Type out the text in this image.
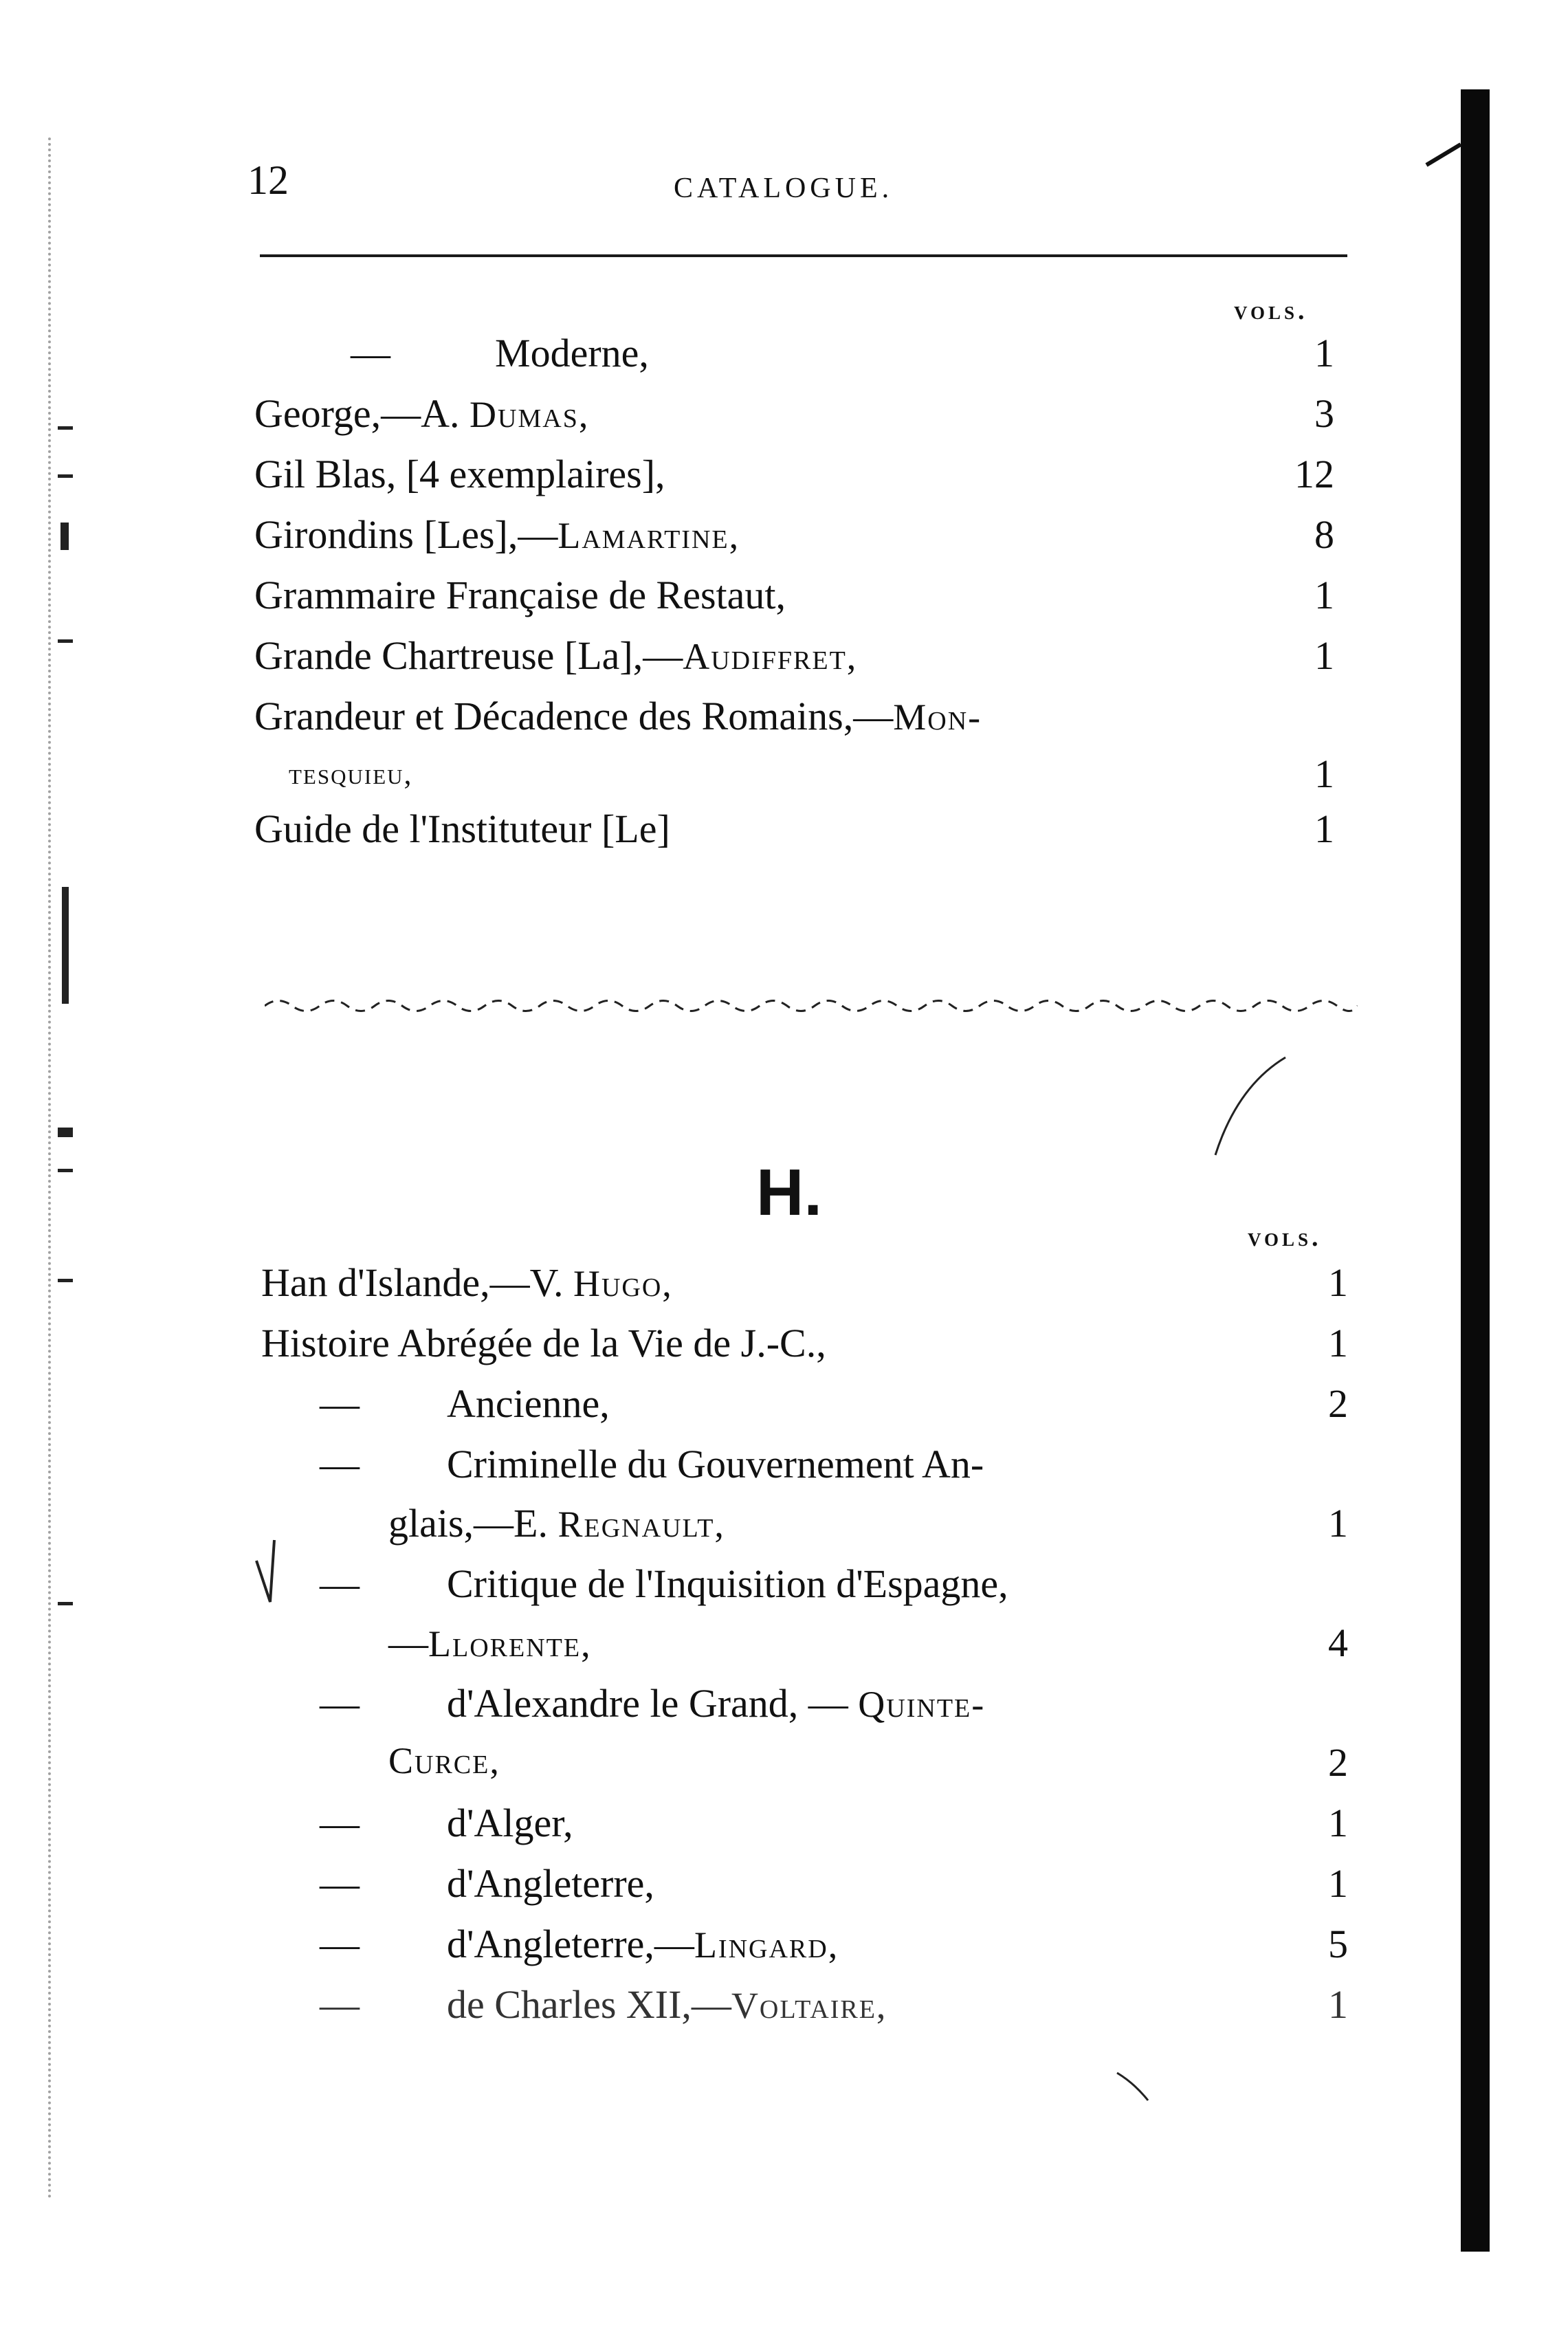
12	CATALOGUE.
vols.
—	Moderne,	1
George,—A. Dumas,	3
Gil Blas, [4 exemplaires],	12
Girondins [Les],—Lamartine,	8
Grammaire Française de Restaut,	1
Grande Chartreuse [La],—Audiffret,	1
Grandeur et Décadence des Romains,—Mon-
tesquieu,	1
Guide de l'Instituteur [Le]	1
H.
vols.
Han d'Islande,—V. Hugo,	1
Histoire Abrégée de la Vie de J.-C.,	1
— Ancienne,	2
— Criminelle du Gouvernement An-
glais,—E. Regnault,	1
— Critique de l'Inquisition d'Espagne,
—Llorente,	4
— d'Alexandre le Grand, — Quinte-
Curce,	2
— d'Alger,	1
— d'Angleterre,	1
— d'Angleterre,—Lingard,	5
— de Charles XII,—Voltaire,	1
